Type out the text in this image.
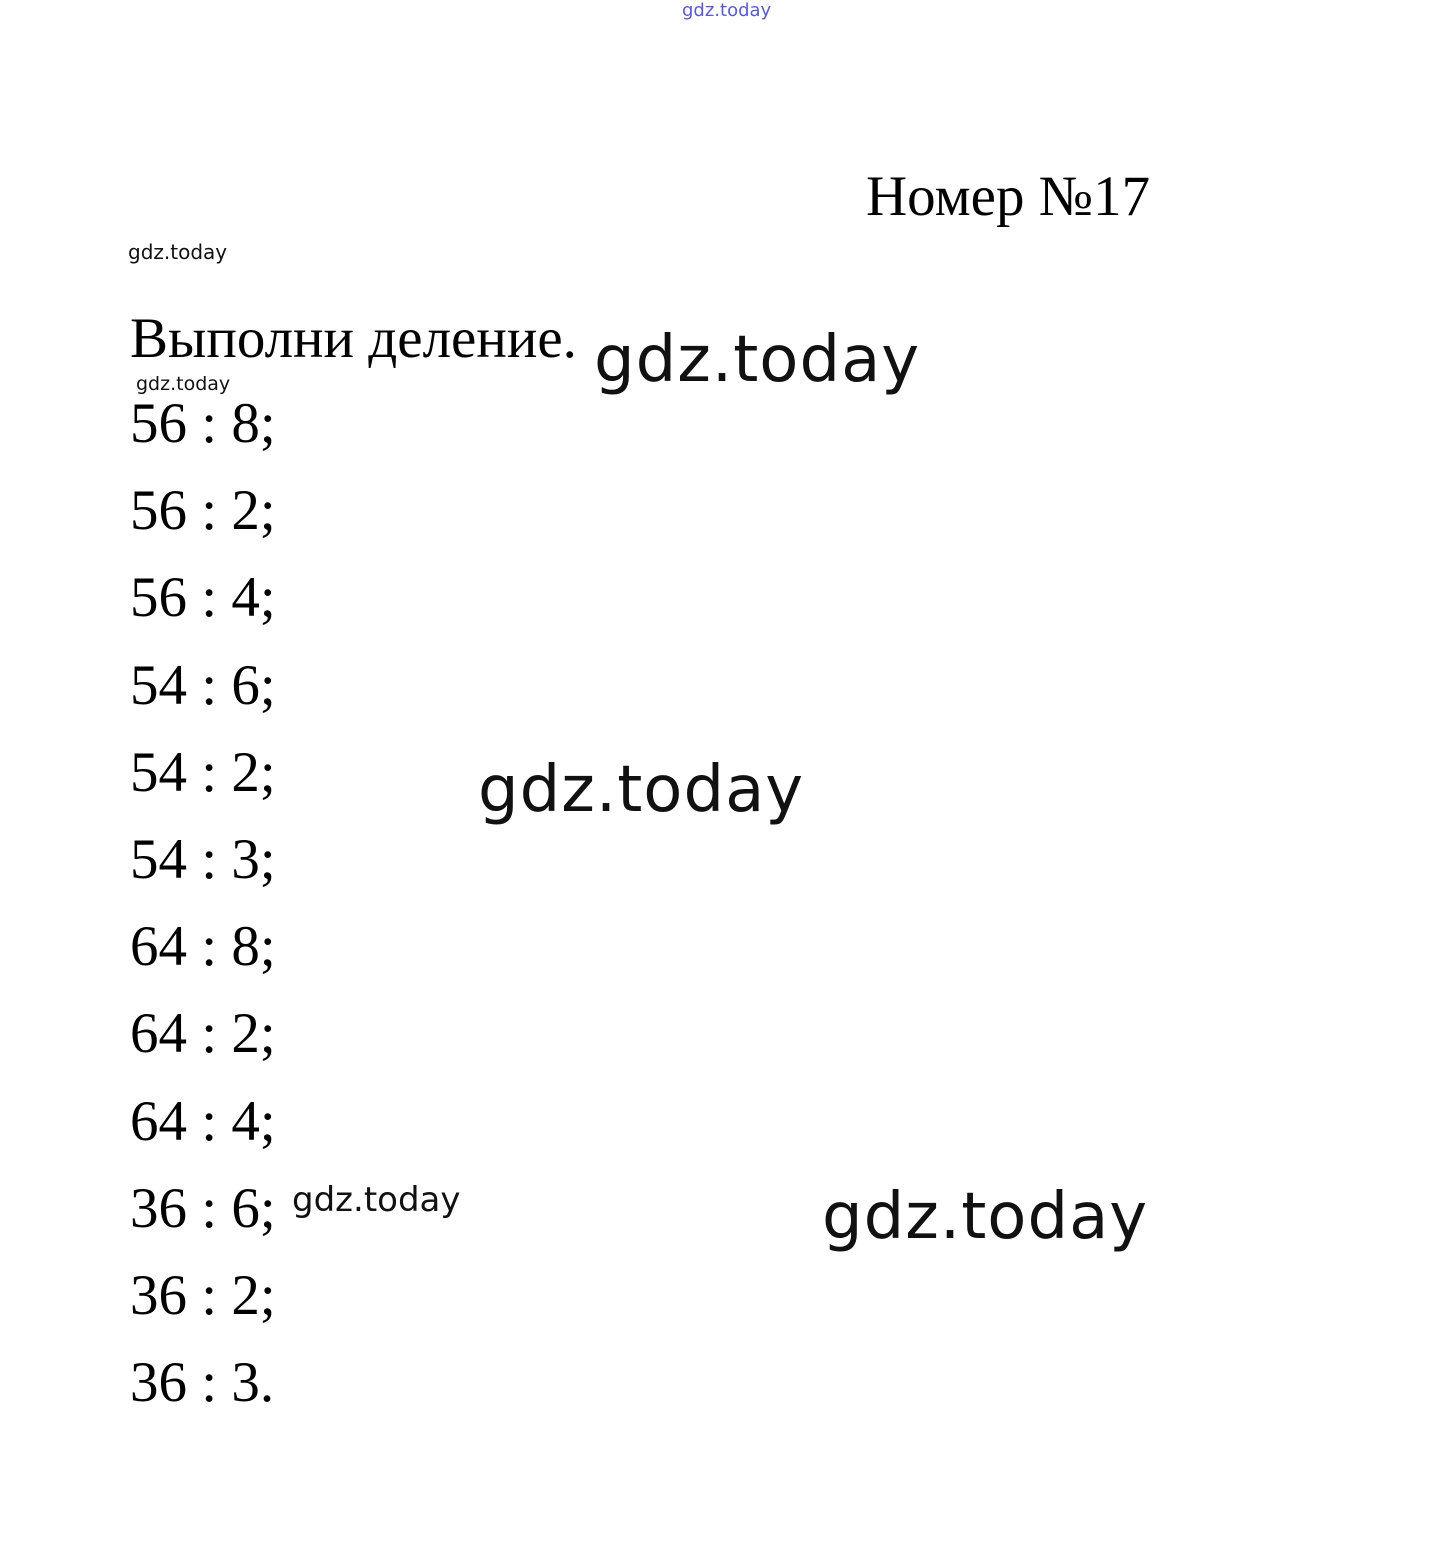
gdz.today
Номер №17
gdz.today
Выполни деление. gdz.today
gdz.today
56 : 8;
56 : 2;
56 : 4;
54 : 6;
54 : 2;
54 : 3;
64 : 8;
64 : 2;
64 : 4;
36 : 6;
36 : 2;
36 : 3.
gdz.today
gdz.today	gdz.today
